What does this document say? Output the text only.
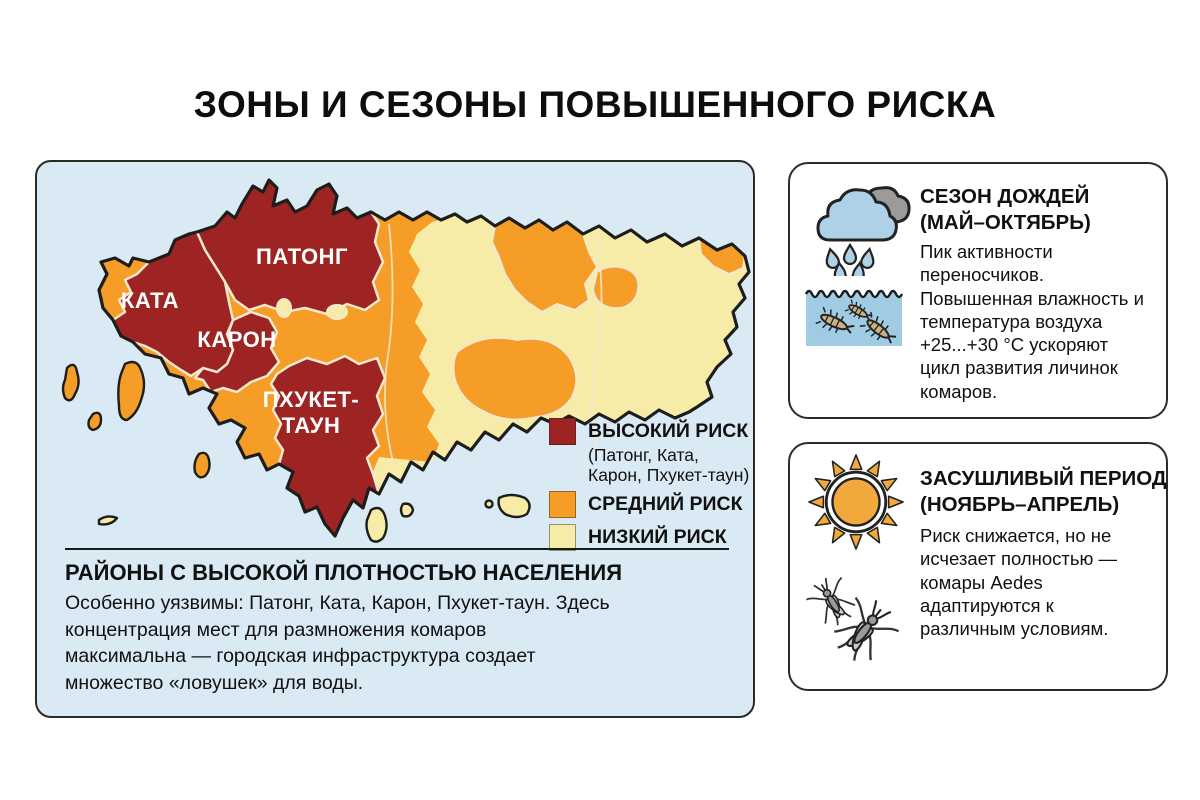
ЗОНЫ И СЕЗОНЫ ПОВЫШЕННОГО РИСКА
ПАТОНГ
КАТА
КАРОН
ПХУКЕТ-
ТАУН	ВЫСОКИЙ РИСК
(Патонг, Ката,
Карон, Пхукет-таун)
СРЕДНИЙ РИСК
НИЗКИЙ РИСК
РАЙОНЫ С ВЫСОКОЙ ПЛОТНОСТЬЮ НАСЕЛЕНИЯ
Особенно уязвимы: Патонг, Ката, Карон, Пхукет-таун. Здесь концентрация мест для размножения комаров максимальна — городская инфраструктура создает множество «ловушек» для воды.
СЕЗОН ДОЖДЕЙ
(МАЙ–ОКТЯБРЬ)
Пик активности переносчиков. Повышенная влажность и температура воздуха +25...+30 °C ускоряют цикл развития личинок комаров.
ЗАСУШЛИВЫЙ ПЕРИОД
(НОЯБРЬ–АПРЕЛЬ)
Риск снижается, но не исчезает полностью — комары Aedes адаптируются к различным условиям.
